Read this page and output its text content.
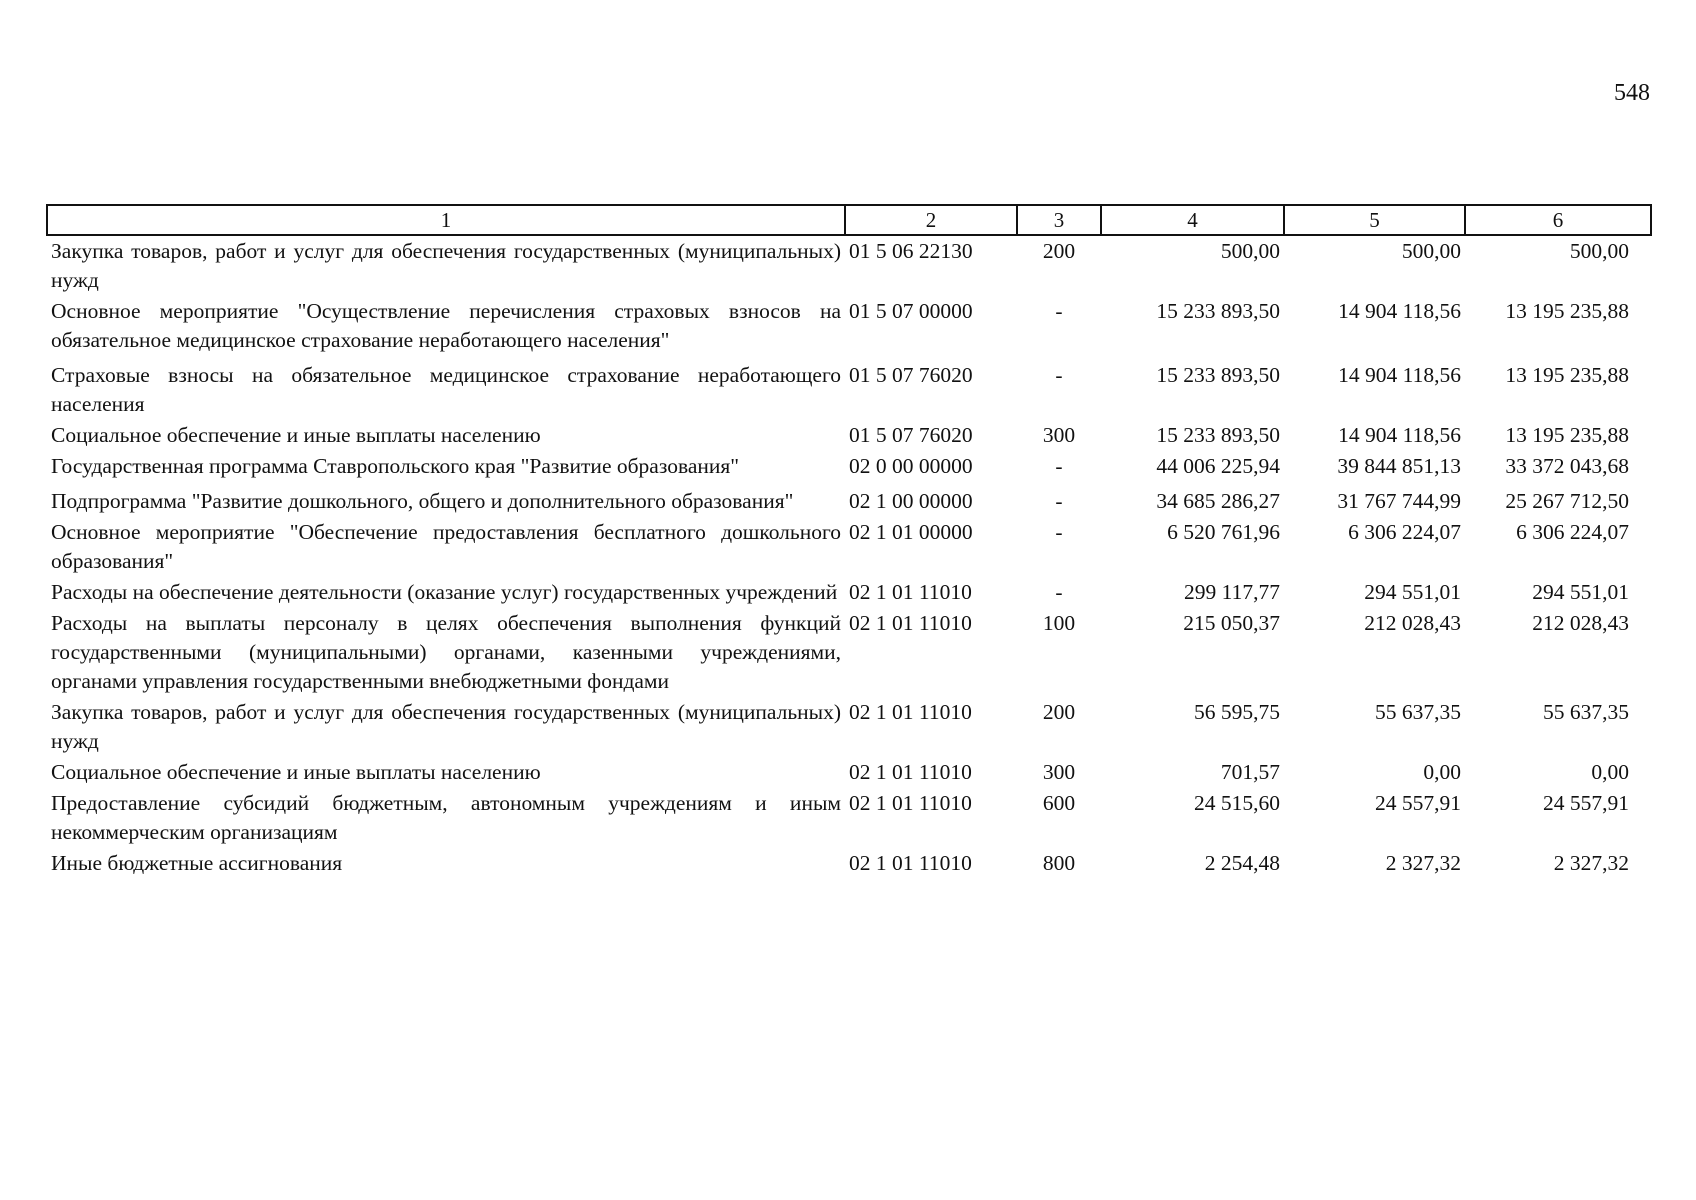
548
1	2	3	4	5	6
Закупка товаров, работ и услуг для обеспечения государственных (муниципальных) нужд	01 5 06 22130	200	500,00	500,00	500,00
Основное мероприятие "Осуществление перечисления страховых взносов на обязательное медицинское страхование неработающего населения"	01 5 07 00000	-	15 233 893,50	14 904 118,56	13 195 235,88
Страховые взносы на обязательное медицинское страхование неработающего населения	01 5 07 76020	-	15 233 893,50	14 904 118,56	13 195 235,88
Социальное обеспечение и иные выплаты населению	01 5 07 76020	300	15 233 893,50	14 904 118,56	13 195 235,88
Государственная программа Ставропольского края "Развитие образования"	02 0 00 00000	-	44 006 225,94	39 844 851,13	33 372 043,68
Подпрограмма "Развитие дошкольного, общего и дополнительного образования"	02 1 00 00000	-	34 685 286,27	31 767 744,99	25 267 712,50
Основное мероприятие "Обеспечение предоставления бесплатного дошкольного образования"	02 1 01 00000	-	6 520 761,96	6 306 224,07	6 306 224,07
Расходы на обеспечение деятельности (оказание услуг) государственных учреждений	02 1 01 11010	-	299 117,77	294 551,01	294 551,01
Расходы на выплаты персоналу в целях обеспечения выполнения функций государственными (муниципальными) органами, казенными учреждениями, органами управления государственными внебюджетными фондами	02 1 01 11010	100	215 050,37	212 028,43	212 028,43
Закупка товаров, работ и услуг для обеспечения государственных (муниципальных) нужд	02 1 01 11010	200	56 595,75	55 637,35	55 637,35
Социальное обеспечение и иные выплаты населению	02 1 01 11010	300	701,57	0,00	0,00
Предоставление субсидий бюджетным, автономным учреждениям и иным некоммерческим организациям	02 1 01 11010	600	24 515,60	24 557,91	24 557,91
Иные бюджетные ассигнования	02 1 01 11010	800	2 254,48	2 327,32	2 327,32
